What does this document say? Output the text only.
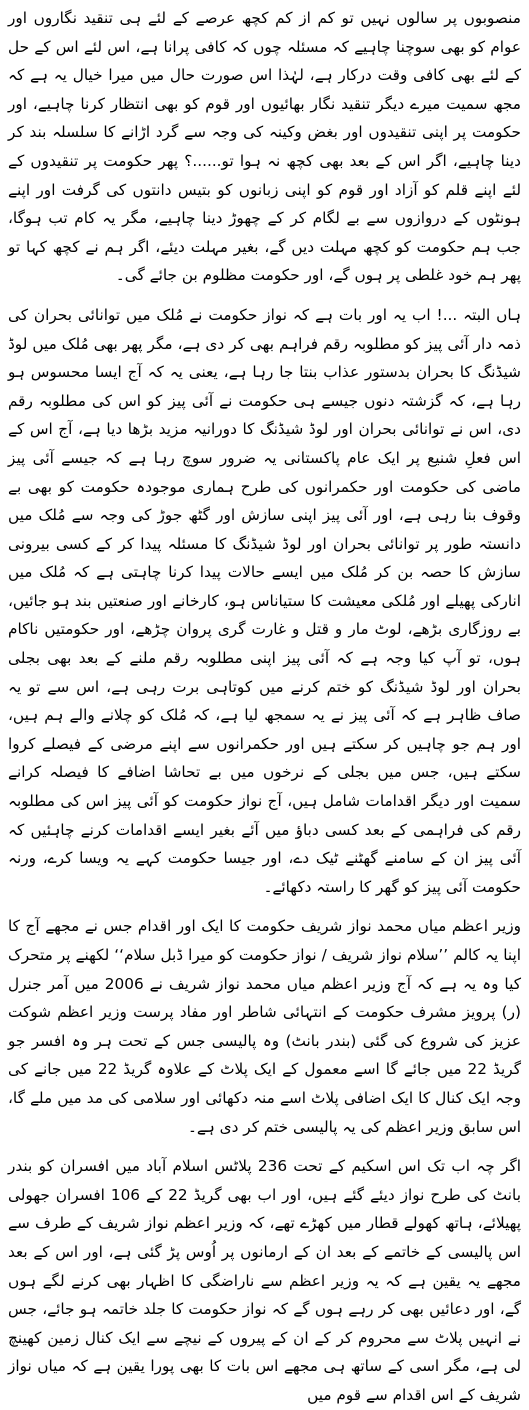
منصوبوں پر سالوں نہیں تو کم از کم کچھ عرصے کے لئے ہی تنقید نگاروں اور عوام کو بھی سوچنا چاہیے کہ مسئلہ چوں کہ کافی پرانا ہے، اس لئے اس کے حل کے لئے بھی کافی وقت درکار ہے، لہٰذا اس صورت حال میں میرا خیال یہ ہے کہ مجھ سمیت میرے دیگر تنقید نگار بھائیوں اور قوم کو بھی انتظار کرنا چاہیے، اور حکومت پر اپنی تنقیدوں اور بغض وکینہ کی وجہ سے گرد اڑانے کا سلسلہ بند کر دینا چاہیے، اگر اس کے بعد بھی کچھ نہ ہوا تو......؟ پھر حکومت پر تنقیدوں کے لئے اپنے قلم کو آزاد اور قوم کو اپنی زبانوں کو بتیس دانتوں کی گرفت اور اپنے ہونٹوں کے دروازوں سے بے لگام کر کے چھوڑ دینا چاہیے، مگر یہ کام تب ہوگا، جب ہم حکومت کو کچھ مہلت دیں گے، بغیر مہلت دیئے، اگر ہم نے کچھ کہا تو پھر ہم خود غلطی پر ہوں گے، اور حکومت مظلوم بن جائے گی۔

ہاں البتہ ...! اب یہ اور بات ہے کہ نواز حکومت نے مُلک میں توانائی بحران کی ذمہ دار آئی پیز کو مطلوبہ رقم فراہم بھی کر دی ہے، مگر پھر بھی مُلک میں لوڈ شیڈنگ کا بحران بدستور عذاب بنتا جا رہا ہے، یعنی یہ کہ آج ایسا محسوس ہو رہا ہے، کہ گزشتہ دنوں جیسے ہی حکومت نے آئی پیز کو اس کی مطلوبہ رقم دی، اس نے توانائی بحران اور لوڈ شیڈنگ کا دورانیہ مزید بڑھا دیا ہے، آج اس کے اس فعلِ شنیع پر ایک عام پاکستانی یہ ضرور سوچ رہا ہے کہ جیسے آئی پیز ماضی کی حکومت اور حکمرانوں کی طرح ہماری موجودہ حکومت کو بھی بے وقوف بنا رہی ہے، اور آئی پیز اپنی سازش اور گٹھ جوڑ کی وجہ سے مُلک میں دانستہ طور پر توانائی بحران اور لوڈ شیڈنگ کا مسئلہ پیدا کر کے کسی بیرونی سازش کا حصہ بن کر مُلک میں ایسے حالات پیدا کرنا چاہتی ہے کہ مُلک میں انارکی پھیلے اور مُلکی معیشت کا ستیاناس ہو، کارخانے اور صنعتیں بند ہو جائیں، بے روزگاری بڑھے، لوٹ مار و قتل و غارت گری پروان چڑھے، اور حکومتیں ناکام ہوں، تو آپ کیا وجہ ہے کہ آئی پیز اپنی مطلوبہ رقم ملنے کے بعد بھی بجلی بحران اور لوڈ شیڈنگ کو ختم کرنے میں کوتاہی برت رہی ہے، اس سے تو یہ صاف ظاہر ہے کہ آئی پیز نے یہ سمجھ لیا ہے، کہ مُلک کو چلانے والے ہم ہیں، اور ہم جو چاہیں کر سکتے ہیں اور حکمرانوں سے اپنے مرضی کے فیصلے کروا سکتے ہیں، جس میں بجلی کے نرخوں میں بے تحاشا اضافے کا فیصلہ کرانے سمیت اور دیگر اقدامات شامل ہیں، آج نواز حکومت کو آئی پیز اس کی مطلوبہ رقم کی فراہمی کے بعد کسی دباؤ میں آئے بغیر ایسے اقدامات کرنے چاہئیں کہ آئی پیز ان کے سامنے گھٹنے ٹیک دے، اور جیسا حکومت کہے یہ ویسا کرے، ورنہ حکومت آئی پیز کو گھر کا راستہ دکھائے۔

وزیر اعظم میاں محمد نواز شریف حکومت کا ایک اور اقدام جس نے مجھے آج کا اپنا یہ کالم ’’سلام نواز شریف / نواز حکومت کو میرا ڈبل سلام‘‘ لکھنے پر متحرک کیا وہ یہ ہے کہ آج وزیر اعظم میاں محمد نواز شریف نے 2006 میں آمر جنرل (ر) پرویز مشرف حکومت کے انتہائی شاطر اور مفاد پرست وزیر اعظم شوکت عزیز کی شروع کی گئی (بندر بانٹ) وہ پالیسی جس کے تحت ہر وہ افسر جو گریڈ 22 میں جائے گا اسے معمول کے ایک پلاٹ کے علاوہ گریڈ 22 میں جانے کی وجہ ایک کنال کا ایک اضافی پلاٹ اسے منہ دکھائی اور سلامی کی مد میں ملے گا، اس سابق وزیر اعظم کی یہ پالیسی ختم کر دی ہے۔

اگر چہ اب تک اس اسکیم کے تحت 236 پلاٹس اسلام آباد میں افسران کو بندر بانٹ کی طرح نواز دیئے گئے ہیں، اور اب بھی گریڈ 22 کے 106 افسران جھولی پھیلائے، ہاتھ کھولے قطار میں کھڑے تھے، کہ وزیر اعظم نواز شریف کے طرف سے اس پالیسی کے خاتمے کے بعد ان کے ارمانوں پر اُوس پڑ گئی ہے، اور اس کے بعد مجھے یہ یقین ہے کہ یہ وزیر اعظم سے ناراضگی کا اظہار بھی کرنے لگے ہوں گے، اور دعائیں بھی کر رہے ہوں گے کہ نواز حکومت کا جلد خاتمہ ہو جائے، جس نے انہیں پلاٹ سے محروم کر کے ان کے پیروں کے نیچے سے ایک کنال زمین کھینچ لی ہے، مگر اسی کے ساتھ ہی مجھے اس بات کا بھی پورا یقین ہے کہ میاں نواز شریف کے اس اقدام سے قوم میں
